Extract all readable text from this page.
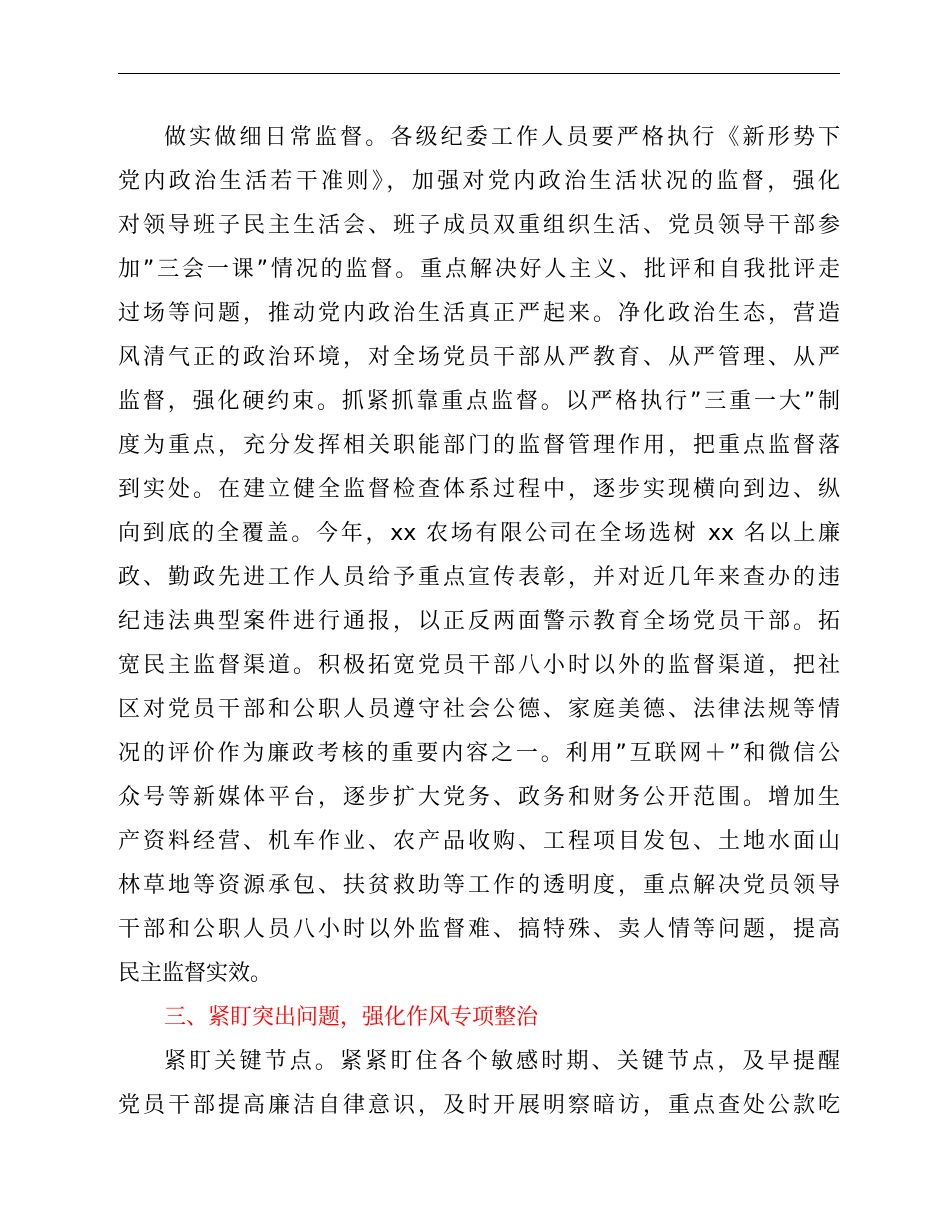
做实做细日常监督。各级纪委工作人员要严格执行《新形势下
党内政治生活若干准则》，加强对党内政治生活状况的监督，强化
对领导班子民主生活会、班子成员双重组织生活、党员领导干部参
加”三会一课”情况的监督。重点解决好人主义、批评和自我批评走
过场等问题，推动党内政治生活真正严起来。净化政治生态，营造
风清气正的政治环境，对全场党员干部从严教育、从严管理、从严
监督，强化硬约束。抓紧抓靠重点监督。以严格执行”三重一大”制
度为重点，充分发挥相关职能部门的监督管理作用，把重点监督落
到实处。在建立健全监督检查体系过程中，逐步实现横向到边、纵
向到底的全覆盖。今年，xx 农场有限公司在全场选树 xx 名以上廉
政、勤政先进工作人员给予重点宣传表彰，并对近几年来查办的违
纪违法典型案件进行通报，以正反两面警示教育全场党员干部。拓
宽民主监督渠道。积极拓宽党员干部八小时以外的监督渠道，把社
区对党员干部和公职人员遵守社会公德、家庭美德、法律法规等情
况的评价作为廉政考核的重要内容之一。利用”互联网＋”和微信公
众号等新媒体平台，逐步扩大党务、政务和财务公开范围。增加生
产资料经营、机车作业、农产品收购、工程项目发包、土地水面山
林草地等资源承包、扶贫救助等工作的透明度，重点解决党员领导
干部和公职人员八小时以外监督难、搞特殊、卖人情等问题，提高
民主监督实效。
三、紧盯突出问题，强化作风专项整治
紧盯关键节点。紧紧盯住各个敏感时期、关键节点，及早提醒
党员干部提高廉洁自律意识，及时开展明察暗访，重点查处公款吃
